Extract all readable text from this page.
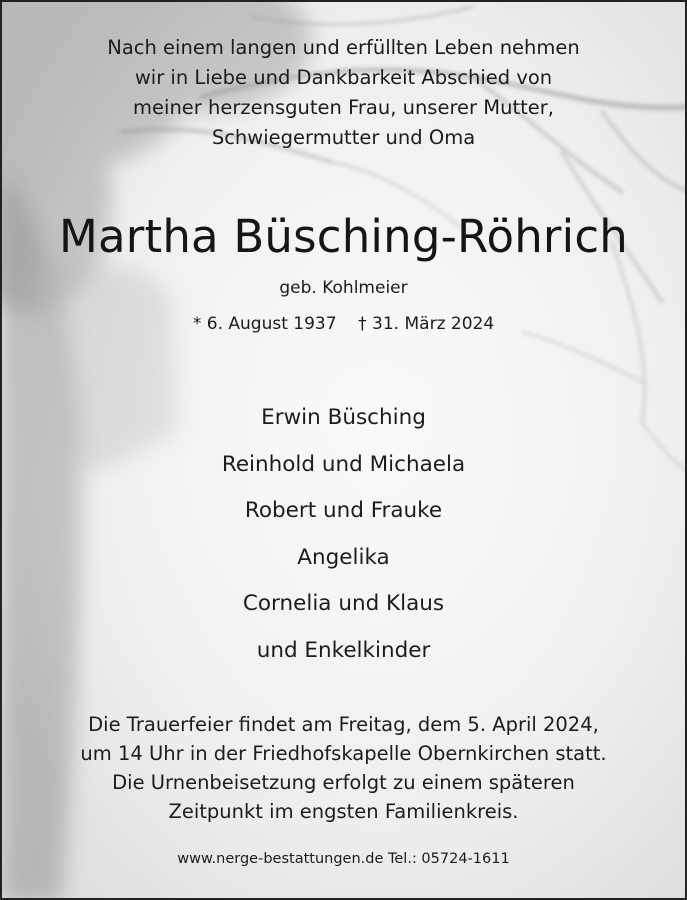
Nach einem langen und erfüllten Leben nehmen
wir in Liebe und Dankbarkeit Abschied von
meiner herzensguten Frau, unserer Mutter,
Schwiegermutter und Oma
Martha Büsching-Röhrich
geb. Kohlmeier
* 6. August 1937    † 31. März 2024
Erwin Büsching
Reinhold und Michaela
Robert und Frauke
Angelika
Cornelia und Klaus
und Enkelkinder
Die Trauerfeier findet am Freitag, dem 5. April 2024,
um 14 Uhr in der Friedhofskapelle Obernkirchen statt.
Die Urnenbeisetzung erfolgt zu einem späteren
Zeitpunkt im engsten Familienkreis.
www.nerge-bestattungen.de Tel.: 05724-1611
